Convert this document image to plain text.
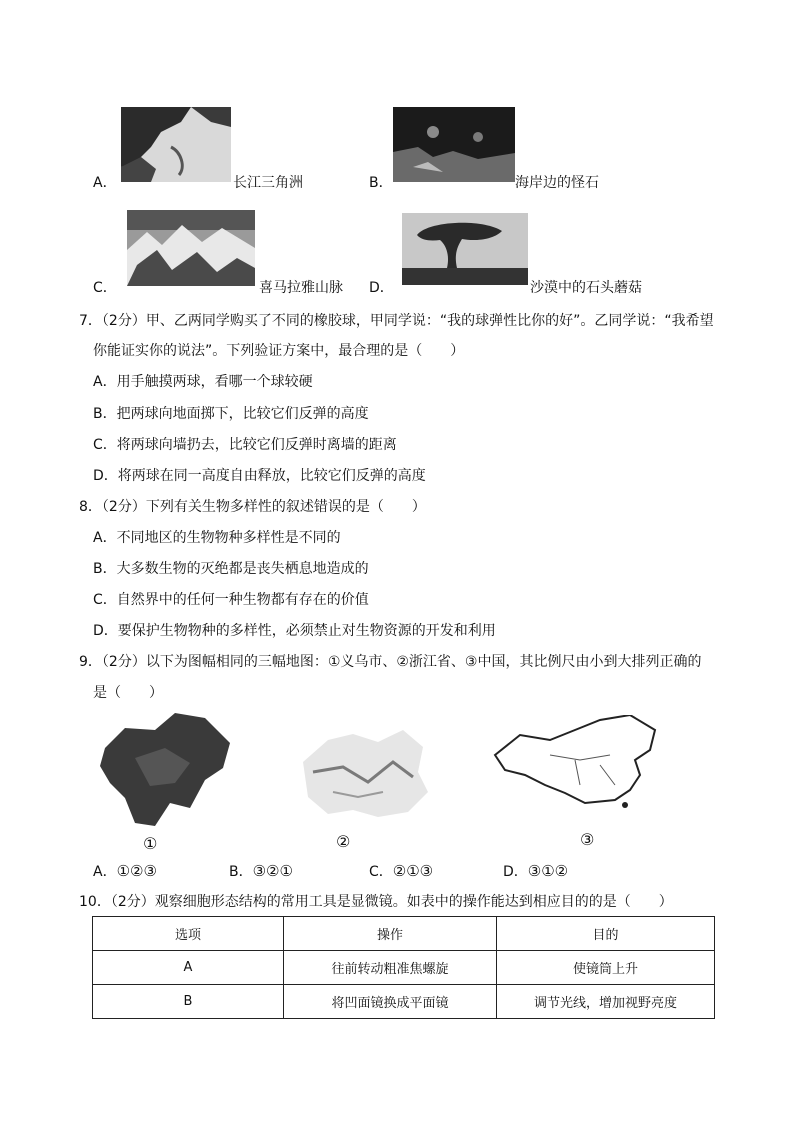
A．	长江三角洲	B．	海岸边的怪石
C．	喜马拉雅山脉 D．	沙漠中的石头蘑菇
7．（2分）甲、乙两同学购买了不同的橡胶球，甲同学说：“我的球弹性比你的好”。乙同学说：“我希望
你能证实你的说法”。下列验证方案中，最合理的是（　　）
A．用手触摸两球，看哪一个球较硬
B．把两球向地面掷下，比较它们反弹的高度
C．将两球向墙扔去，比较它们反弹时离墙的距离
D．将两球在同一高度自由释放，比较它们反弹的高度
8．（2分）下列有关生物多样性的叙述错误的是（　　）
A．不同地区的生物物种多样性是不同的
B．大多数生物的灭绝都是丧失栖息地造成的
C．自然界中的任何一种生物都有存在的价值
D．要保护生物物种的多样性，必须禁止对生物资源的开发和利用
9．（2分）以下为图幅相同的三幅地图：①义乌市、②浙江省、③中国，其比例尺由小到大排列正确的
是（　　）
①	②	③
A．①②③	B．③②①	C．②①③	D．③①②
10．（2分）观察细胞形态结构的常用工具是显微镜。如表中的操作能达到相应目的的是（　　）
选项	操作	目的
A	往前转动粗准焦螺旋	使镜筒上升
B	将凹面镜换成平面镜	调节光线，增加视野亮度
